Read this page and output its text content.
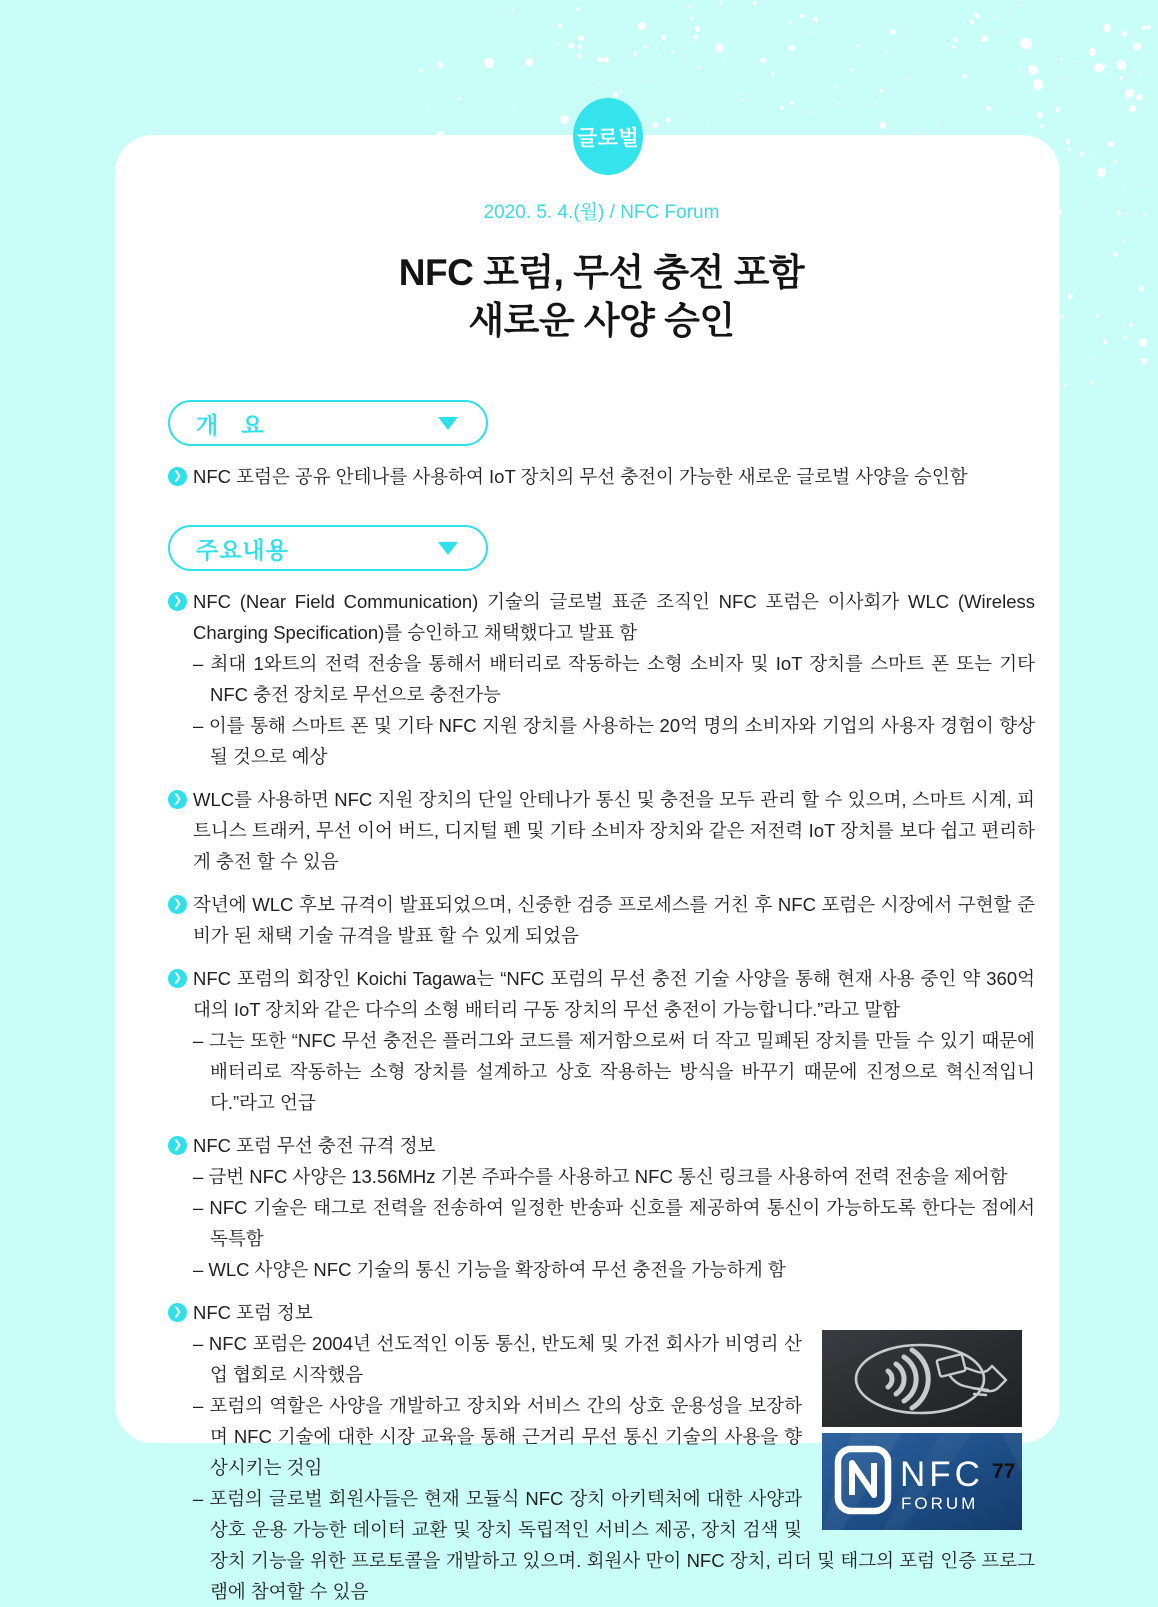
글로벌
2020. 5. 4.(월) / NFC Forum
NFC 포럼, 무선 충전 포함
새로운 사양 승인
개   요
❯ NFC 포럼은 공유 안테나를 사용하여 IoT 장치의 무선 충전이 가능한 새로운 글로벌 사양을 승인함
주요내용
❯ NFC (Near Field Communication) 기술의 글로벌 표준 조직인 NFC 포럼은 이사회가 WLC (Wireless Charging Specification)를 승인하고 채택했다고 발표 함
– 최대 1와트의 전력 전송을 통해서 배터리로 작동하는 소형 소비자 및 IoT 장치를 스마트 폰 또는 기타 NFC 충전 장치로 무선으로 충전가능
– 이를 통해 스마트 폰 및 기타 NFC 지원 장치를 사용하는 20억 명의 소비자와 기업의 사용자 경험이 향상될 것으로 예상
❯ WLC를 사용하면 NFC 지원 장치의 단일 안테나가 통신 및 충전을 모두 관리 할 수 있으며, 스마트 시계, 피트니스 트래커, 무선 이어 버드, 디지털 펜 및 기타 소비자 장치와 같은 저전력 IoT 장치를 보다 쉽고 편리하게 충전 할 수 있음
❯ 작년에 WLC 후보 규격이 발표되었으며, 신중한 검증 프로세스를 거친 후 NFC 포럼은 시장에서 구현할 준비가 된 채택 기술 규격을 발표 할 수 있게 되었음
❯ NFC 포럼의 회장인 Koichi Tagawa는 “NFC 포럼의 무선 충전 기술 사양을 통해 현재 사용 중인 약 360억 대의 IoT 장치와 같은 다수의 소형 배터리 구동 장치의 무선 충전이 가능합니다.”라고 말함
– 그는 또한 “NFC 무선 충전은 플러그와 코드를 제거함으로써 더 작고 밀폐된 장치를 만들 수 있기 때문에 배터리로 작동하는 소형 장치를 설계하고 상호 작용하는 방식을 바꾸기 때문에 진정으로 혁신적입니다.”라고 언급
❯ NFC 포럼 무선 충전 규격 정보
– 금번 NFC 사양은 13.56MHz 기본 주파수를 사용하고 NFC 통신 링크를 사용하여 전력 전송을 제어함
– NFC 기술은 태그로 전력을 전송하여 일정한 반송파 신호를 제공하여 통신이 가능하도록 한다는 점에서 독특함
– WLC 사양은 NFC 기술의 통신 기능을 확장하여 무선 충전을 가능하게 함
❯ NFC 포럼 정보
NFC
FORUM
– NFC 포럼은 2004년 선도적인 이동 통신, 반도체 및 가전 회사가 비영리 산업 협회로 시작했음
– 포럼의 역할은 사양을 개발하고 장치와 서비스 간의 상호 운용성을 보장하며 NFC 기술에 대한 시장 교육을 통해 근거리 무선 통신 기술의 사용을 향상시키는 것임
– 포럼의 글로벌 회원사들은 현재 모듈식 NFC 장치 아키텍처에 대한 사양과 상호 운용 가능한 데이터 교환 및 장치 독립적인 서비스 제공, 장치 검색 및 장치 기능을 위한 프로토콜을 개발하고 있으며. 회원사 만이 NFC 장치, 리더 및 태그의 포럼 인증 프로그램에 참여할 수 있음
77
